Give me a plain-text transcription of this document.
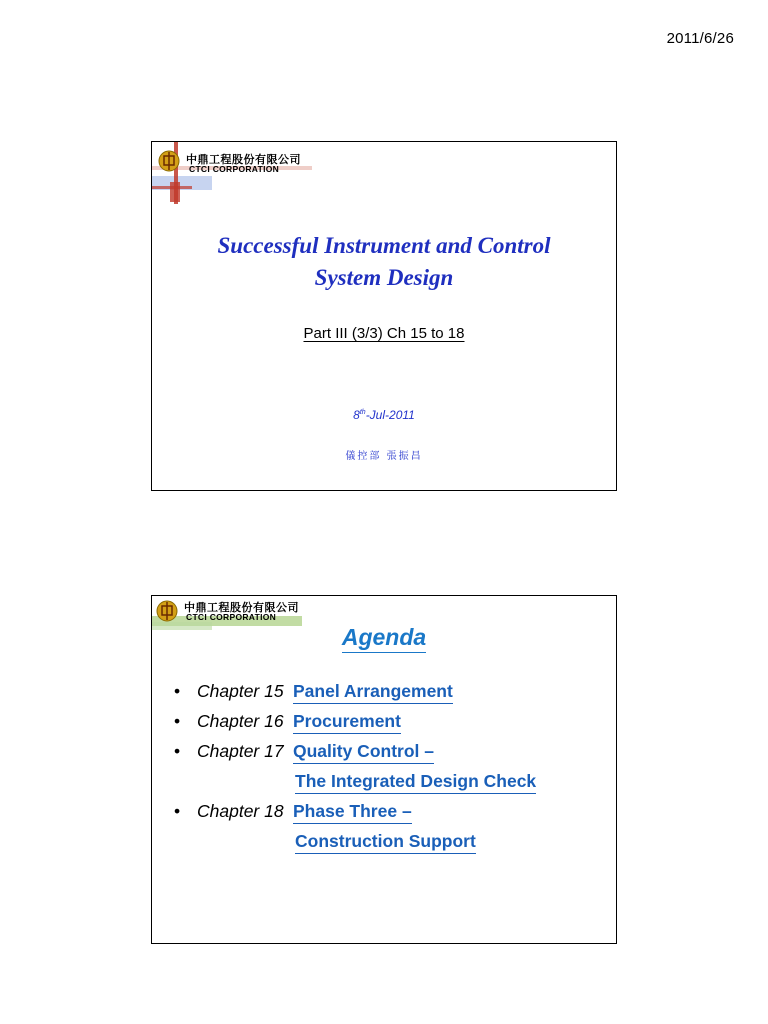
2011/6/26
中鼎工程股份有限公司
CTCI CORPORATION
Successful Instrument and Control
System Design
Part III (3/3) Ch 15 to 18
8th-Jul-2011
儀控部 張振昌
中鼎工程股份有限公司
CTCI CORPORATION
Agenda
• Chapter 15 Panel Arrangement
• Chapter 16 Procurement
• Chapter 17 Quality Control –
The Integrated Design Check
• Chapter 18 Phase Three –
Construction Support
